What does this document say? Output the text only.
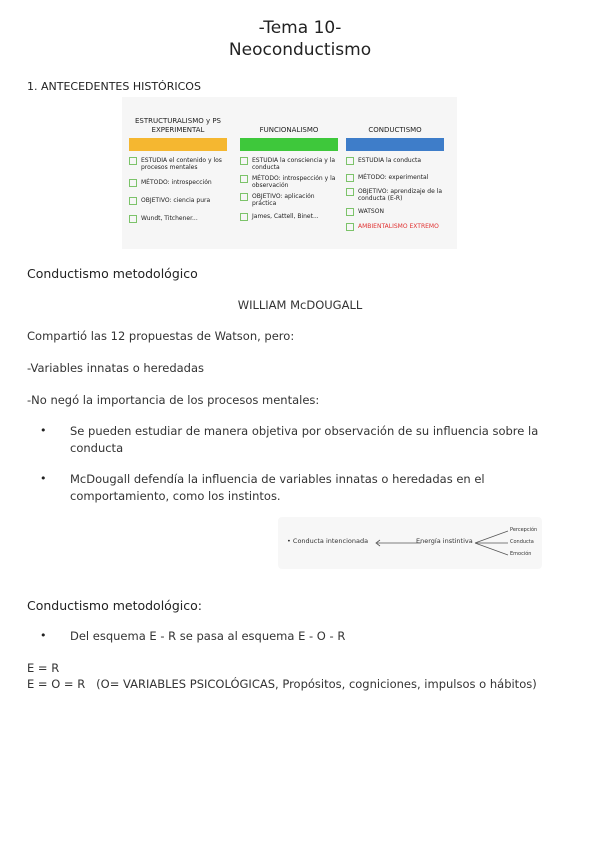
-Tema 10-
Neoconductismo
1. ANTECEDENTES HISTÓRICOS
ESTRUCTURALISMO y PS EXPERIMENTAL
ESTUDIA el contenido y los procesos mentales
MÉTODO: introspección
OBJETIVO: ciencia pura
Wundt, Titchener...
FUNCIONALISMO
ESTUDIA la consciencia y la conducta
MÉTODO: introspección y la observación
OBJETIVO: aplicación práctica
James, Cattell, Binet...
CONDUCTISMO
ESTUDIA la conducta
MÉTODO: experimental
OBJETIVO: aprendizaje de la conducta (E-R)
WATSON
AMBIENTALISMO EXTREMO
Conductismo metodológico
WILLIAM McDOUGALL
Compartió las 12 propuestas de Watson, pero:
-Variables innatas o heredadas
-No negó la importancia de los procesos mentales:
• Se pueden estudiar de manera objetiva por observación de su influencia sobre la conducta
• McDougall defendía la influencia de variables innatas o heredadas en el comportamiento, como los instintos.
• Conducta intencionada	Energía instintiva
Percepción
Conducta
Emoción
Conductismo metodológico:
• Del esquema E - R se pasa al esquema E - O - R
E = R
E = O = R   (O= VARIABLES PSICOLÓGICAS, Propósitos, cogniciones, impulsos o hábitos)
